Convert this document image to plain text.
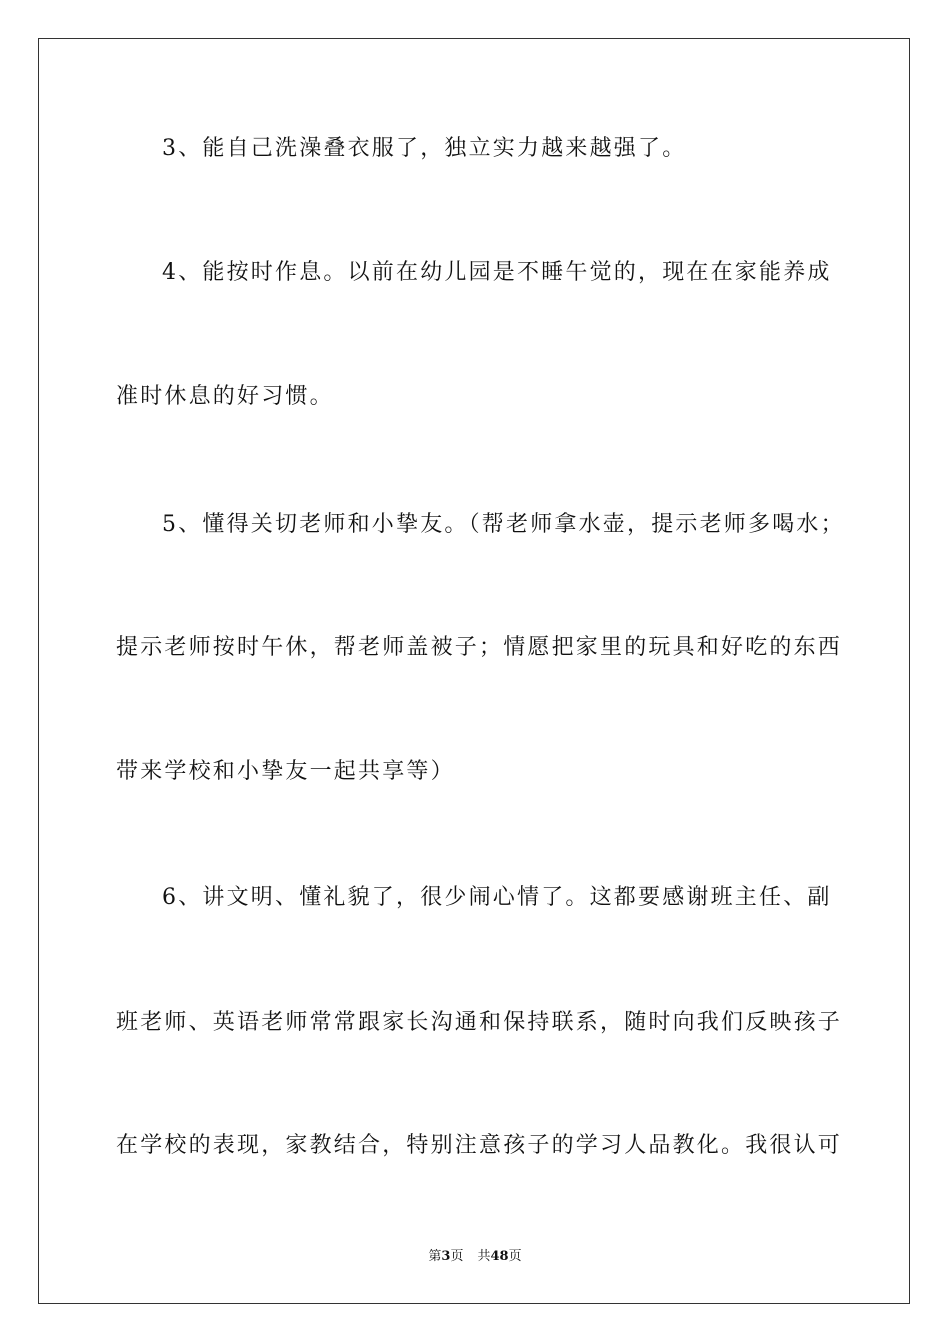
3、能自己洗澡叠衣服了，独立实力越来越强了。
4、能按时作息。以前在幼儿园是不睡午觉的，现在在家能养成
准时休息的好习惯。
5、懂得关切老师和小挚友。（帮老师拿水壶，提示老师多喝水；
提示老师按时午休，帮老师盖被子；情愿把家里的玩具和好吃的东西
带来学校和小挚友一起共享等）
6、讲文明、懂礼貌了，很少闹心情了。这都要感谢班主任、副
班老师、英语老师常常跟家长沟通和保持联系，随时向我们反映孩子
在学校的表现，家教结合，特别注意孩子的学习人品教化。我很认可
第3页 共48页
